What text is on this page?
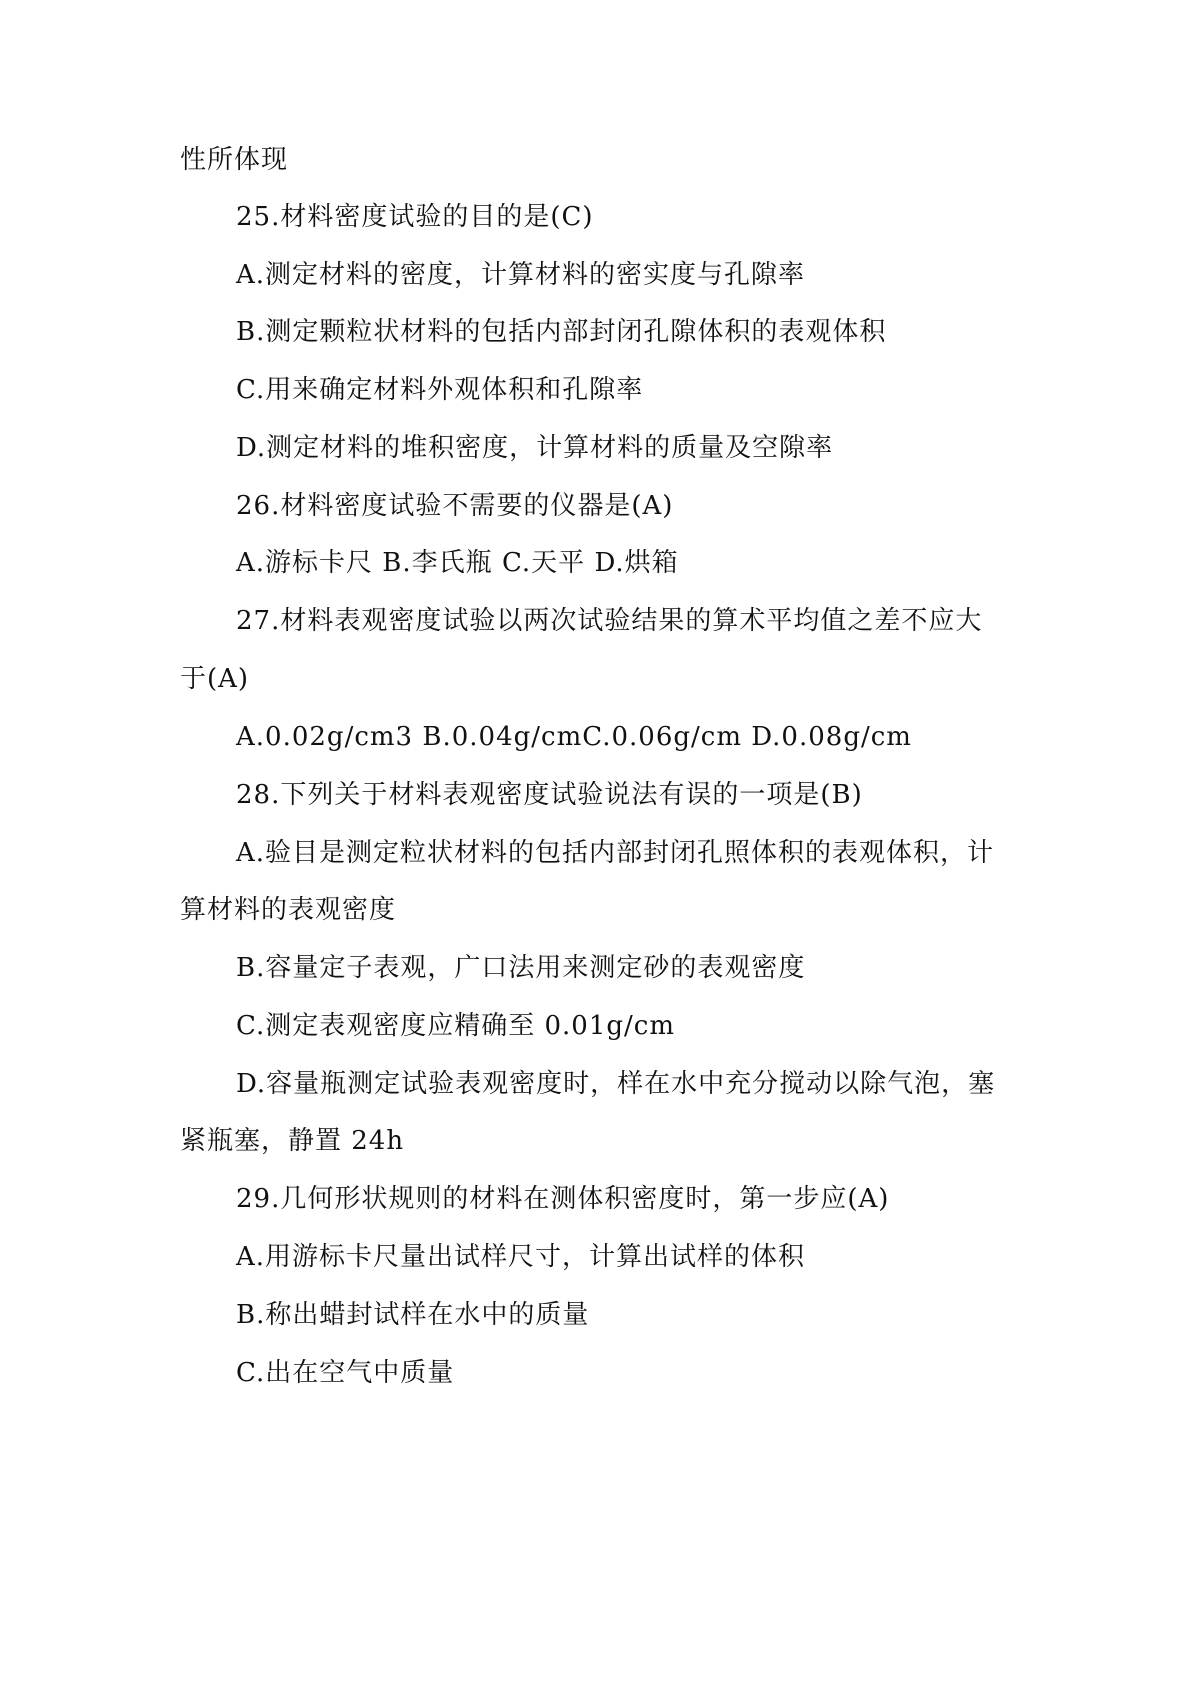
性所体现
25.材料密度试验的目的是(C)
A.测定材料的密度，计算材料的密实度与孔隙率
B.测定颗粒状材料的包括内部封闭孔隙体积的表观体积
C.用来确定材料外观体积和孔隙率
D.测定材料的堆积密度，计算材料的质量及空隙率
26.材料密度试验不需要的仪器是(A)
A.游标卡尺 B.李氏瓶 C.天平 D.烘箱
27.材料表观密度试验以两次试验结果的算术平均值之差不应大
于(A)
A.0.02g/cm3 B.0.04g/cmC.0.06g/cm D.0.08g/cm
28.下列关于材料表观密度试验说法有误的一项是(B)
A.验目是测定粒状材料的包括内部封闭孔照体积的表观体积，计
算材料的表观密度
B.容量定子表观，广口法用来测定砂的表观密度
C.测定表观密度应精确至 0.01g/cm
D.容量瓶测定试验表观密度时，样在水中充分搅动以除气泡，塞
紧瓶塞，静置 24h
29.几何形状规则的材料在测体积密度时，第一步应(A)
A.用游标卡尺量出试样尺寸，计算出试样的体积
B.称出蜡封试样在水中的质量
C.出在空气中质量
